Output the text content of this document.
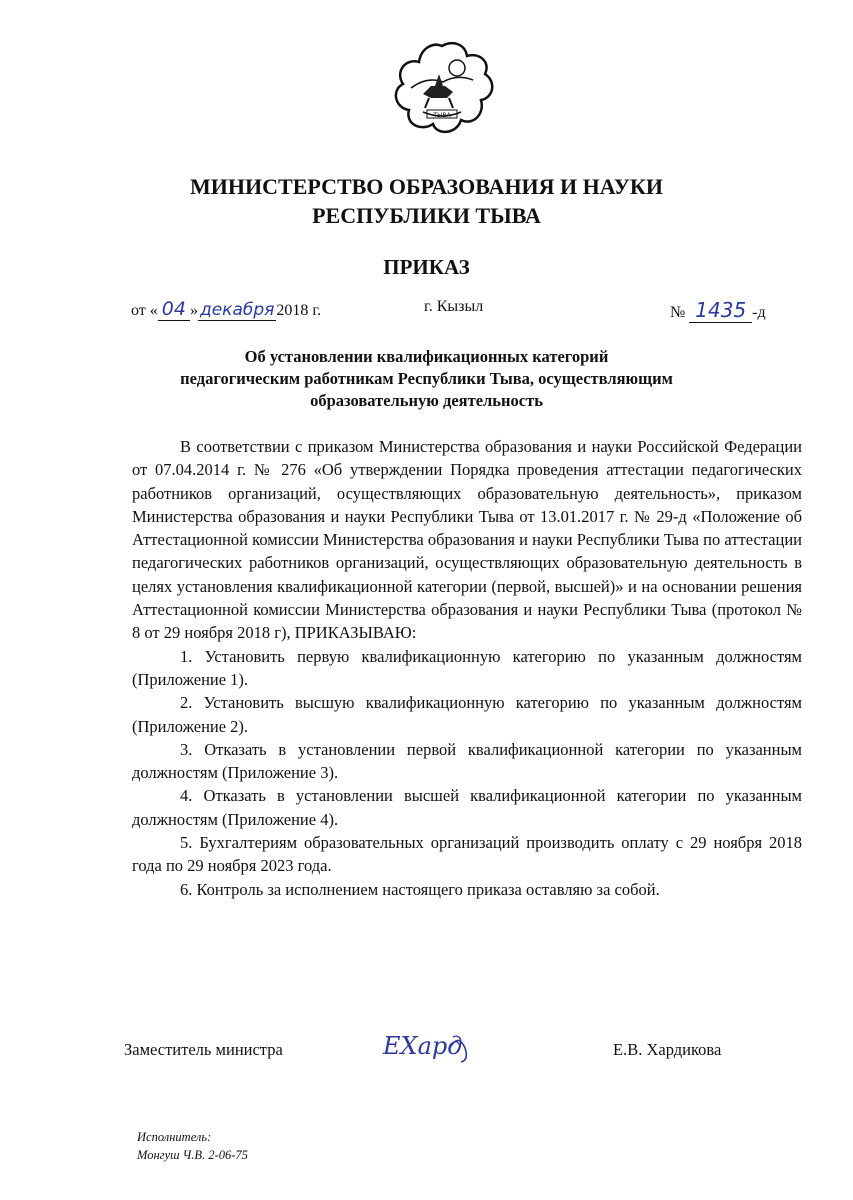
ТЫВА
МИНИСТЕРСТВО ОБРАЗОВАНИЯ И НАУКИ
РЕСПУБЛИКИ ТЫВА
ПРИКАЗ
от « 04 » декабря 2018 г.	г. Кызыл	№ 1435 -д
Об установлении квалификационных категорий
педагогическим работникам Республики Тыва, осуществляющим
образовательную деятельность

В соответствии с приказом Министерства образования и науки Российской Федерации от 07.04.2014 г. № 276 «Об утверждении Порядка проведения аттестации педагогических работников организаций, осуществляющих образовательную деятельность», приказом Министерства образования и науки Республики Тыва от 13.01.2017 г. № 29-д «Положение об Аттестационной комиссии Министерства образования и науки Республики Тыва по аттестации педагогических работников организаций, осуществляющих образовательную деятельность в целях установления квалификационной категории (первой, высшей)» и на основании решения Аттестационной комиссии Министерства образования и науки Республики Тыва (протокол № 8 от 29 ноября 2018 г), ПРИКАЗЫВАЮ:

1. Установить первую квалификационную категорию по указанным должностям (Приложение 1).

2. Установить высшую квалификационную категорию по указанным должностям (Приложение 2).

3. Отказать в установлении первой квалификационной категории по указанным должностям (Приложение 3).

4. Отказать в установлении высшей квалификационной категории по указанным должностям (Приложение 4).

5. Бухгалтериям образовательных организаций производить оплату с 29 ноября 2018 года по 29 ноября 2023 года.

6. Контроль за исполнением настоящего приказа оставляю за собой.

Заместитель министра	ЕХард	Е.В. Хардикова
Исполнитель:
Монгуш Ч.В. 2-06-75
